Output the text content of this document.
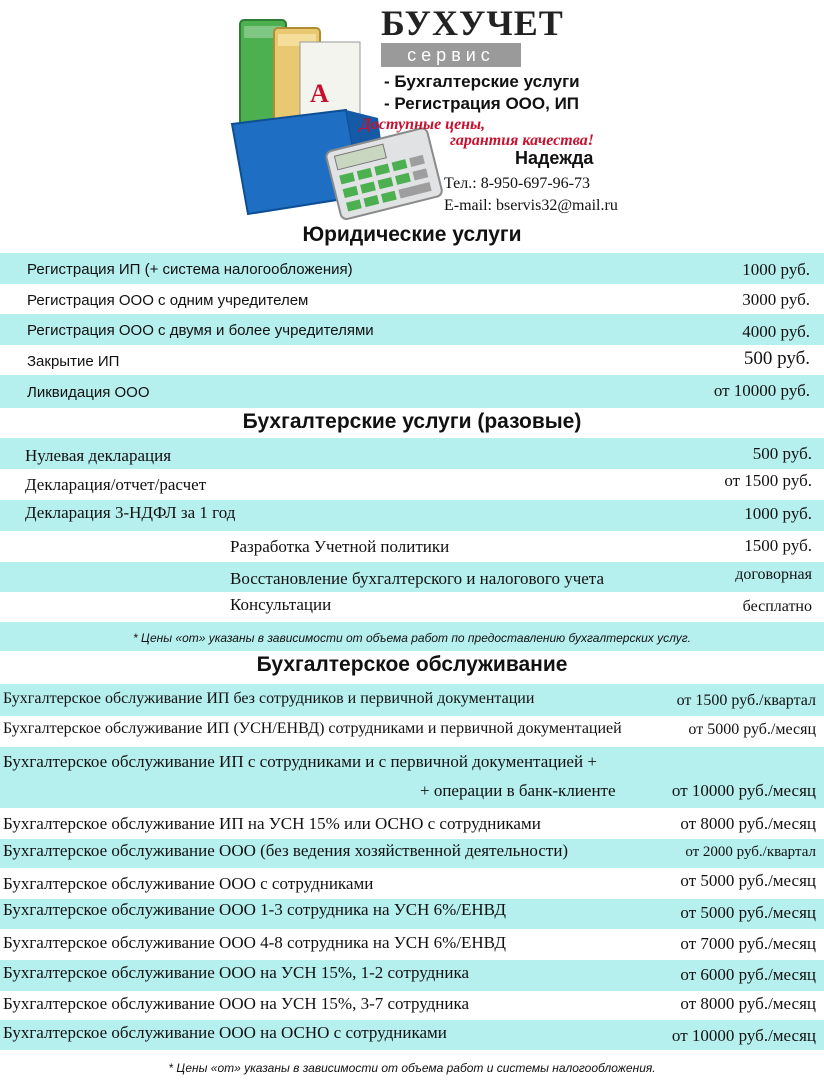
A
БУХУЧЕТ
сервис
- Бухгалтерские услуги
- Регистрация ООО, ИП
Доступные цены,
гарантия качества!
Надежда
Тел.: 8-950-697-96-73
E-mail: bservis32@mail.ru
Юридические услуги
Регистрация ИП (+ система налогообложения)	1000 руб.
Регистрация ООО с одним учредителем	3000 руб.
Регистрация ООО с двумя и более учредителями	4000 руб.
Закрытие ИП	500 руб.
Ликвидация ООО	от 10000 руб.
Бухгалтерские услуги (разовые)
Нулевая декларация	500 руб.
Декларация/отчет/расчет	от 1500 руб.
Декларация 3-НДФЛ за 1 год	1000 руб.
Разработка Учетной политики	1500 руб.
Восстановление бухгалтерского и налогового учета	договорная
Консультации	бесплатно
* Цены «от» указаны в зависимости от объема работ по предоставлению бухгалтерских услуг.
Бухгалтерское обслуживание
Бухгалтерское обслуживание ИП без сотрудников и первичной документации	от 1500 руб./квартал
Бухгалтерское обслуживание ИП (УСН/ЕНВД) сотрудниками и первичной документацией	от 5000 руб./месяц
Бухгалтерское обслуживание ИП с сотрудниками и с первичной документацией +
+ операции в банк-клиенте	от 10000 руб./месяц
Бухгалтерское обслуживание ИП на УСН 15% или ОСНО с сотрудниками	от 8000 руб./месяц
Бухгалтерское обслуживание ООО (без ведения хозяйственной деятельности)	от 2000 руб./квартал
Бухгалтерское обслуживание ООО с сотрудниками	от 5000 руб./месяц
Бухгалтерское обслуживание ООО 1-3 сотрудника на УСН 6%/ЕНВД	от 5000 руб./месяц
Бухгалтерское обслуживание ООО 4-8 сотрудника на УСН 6%/ЕНВД	от 7000 руб./месяц
Бухгалтерское обслуживание ООО на УСН 15%, 1-2 сотрудника	от 6000 руб./месяц
Бухгалтерское обслуживание ООО на УСН 15%, 3-7 сотрудника	от 8000 руб./месяц
Бухгалтерское обслуживание ООО на ОСНО с сотрудниками	от 10000 руб./месяц
* Цены «от» указаны в зависимости от объема работ и системы налогообложения.
